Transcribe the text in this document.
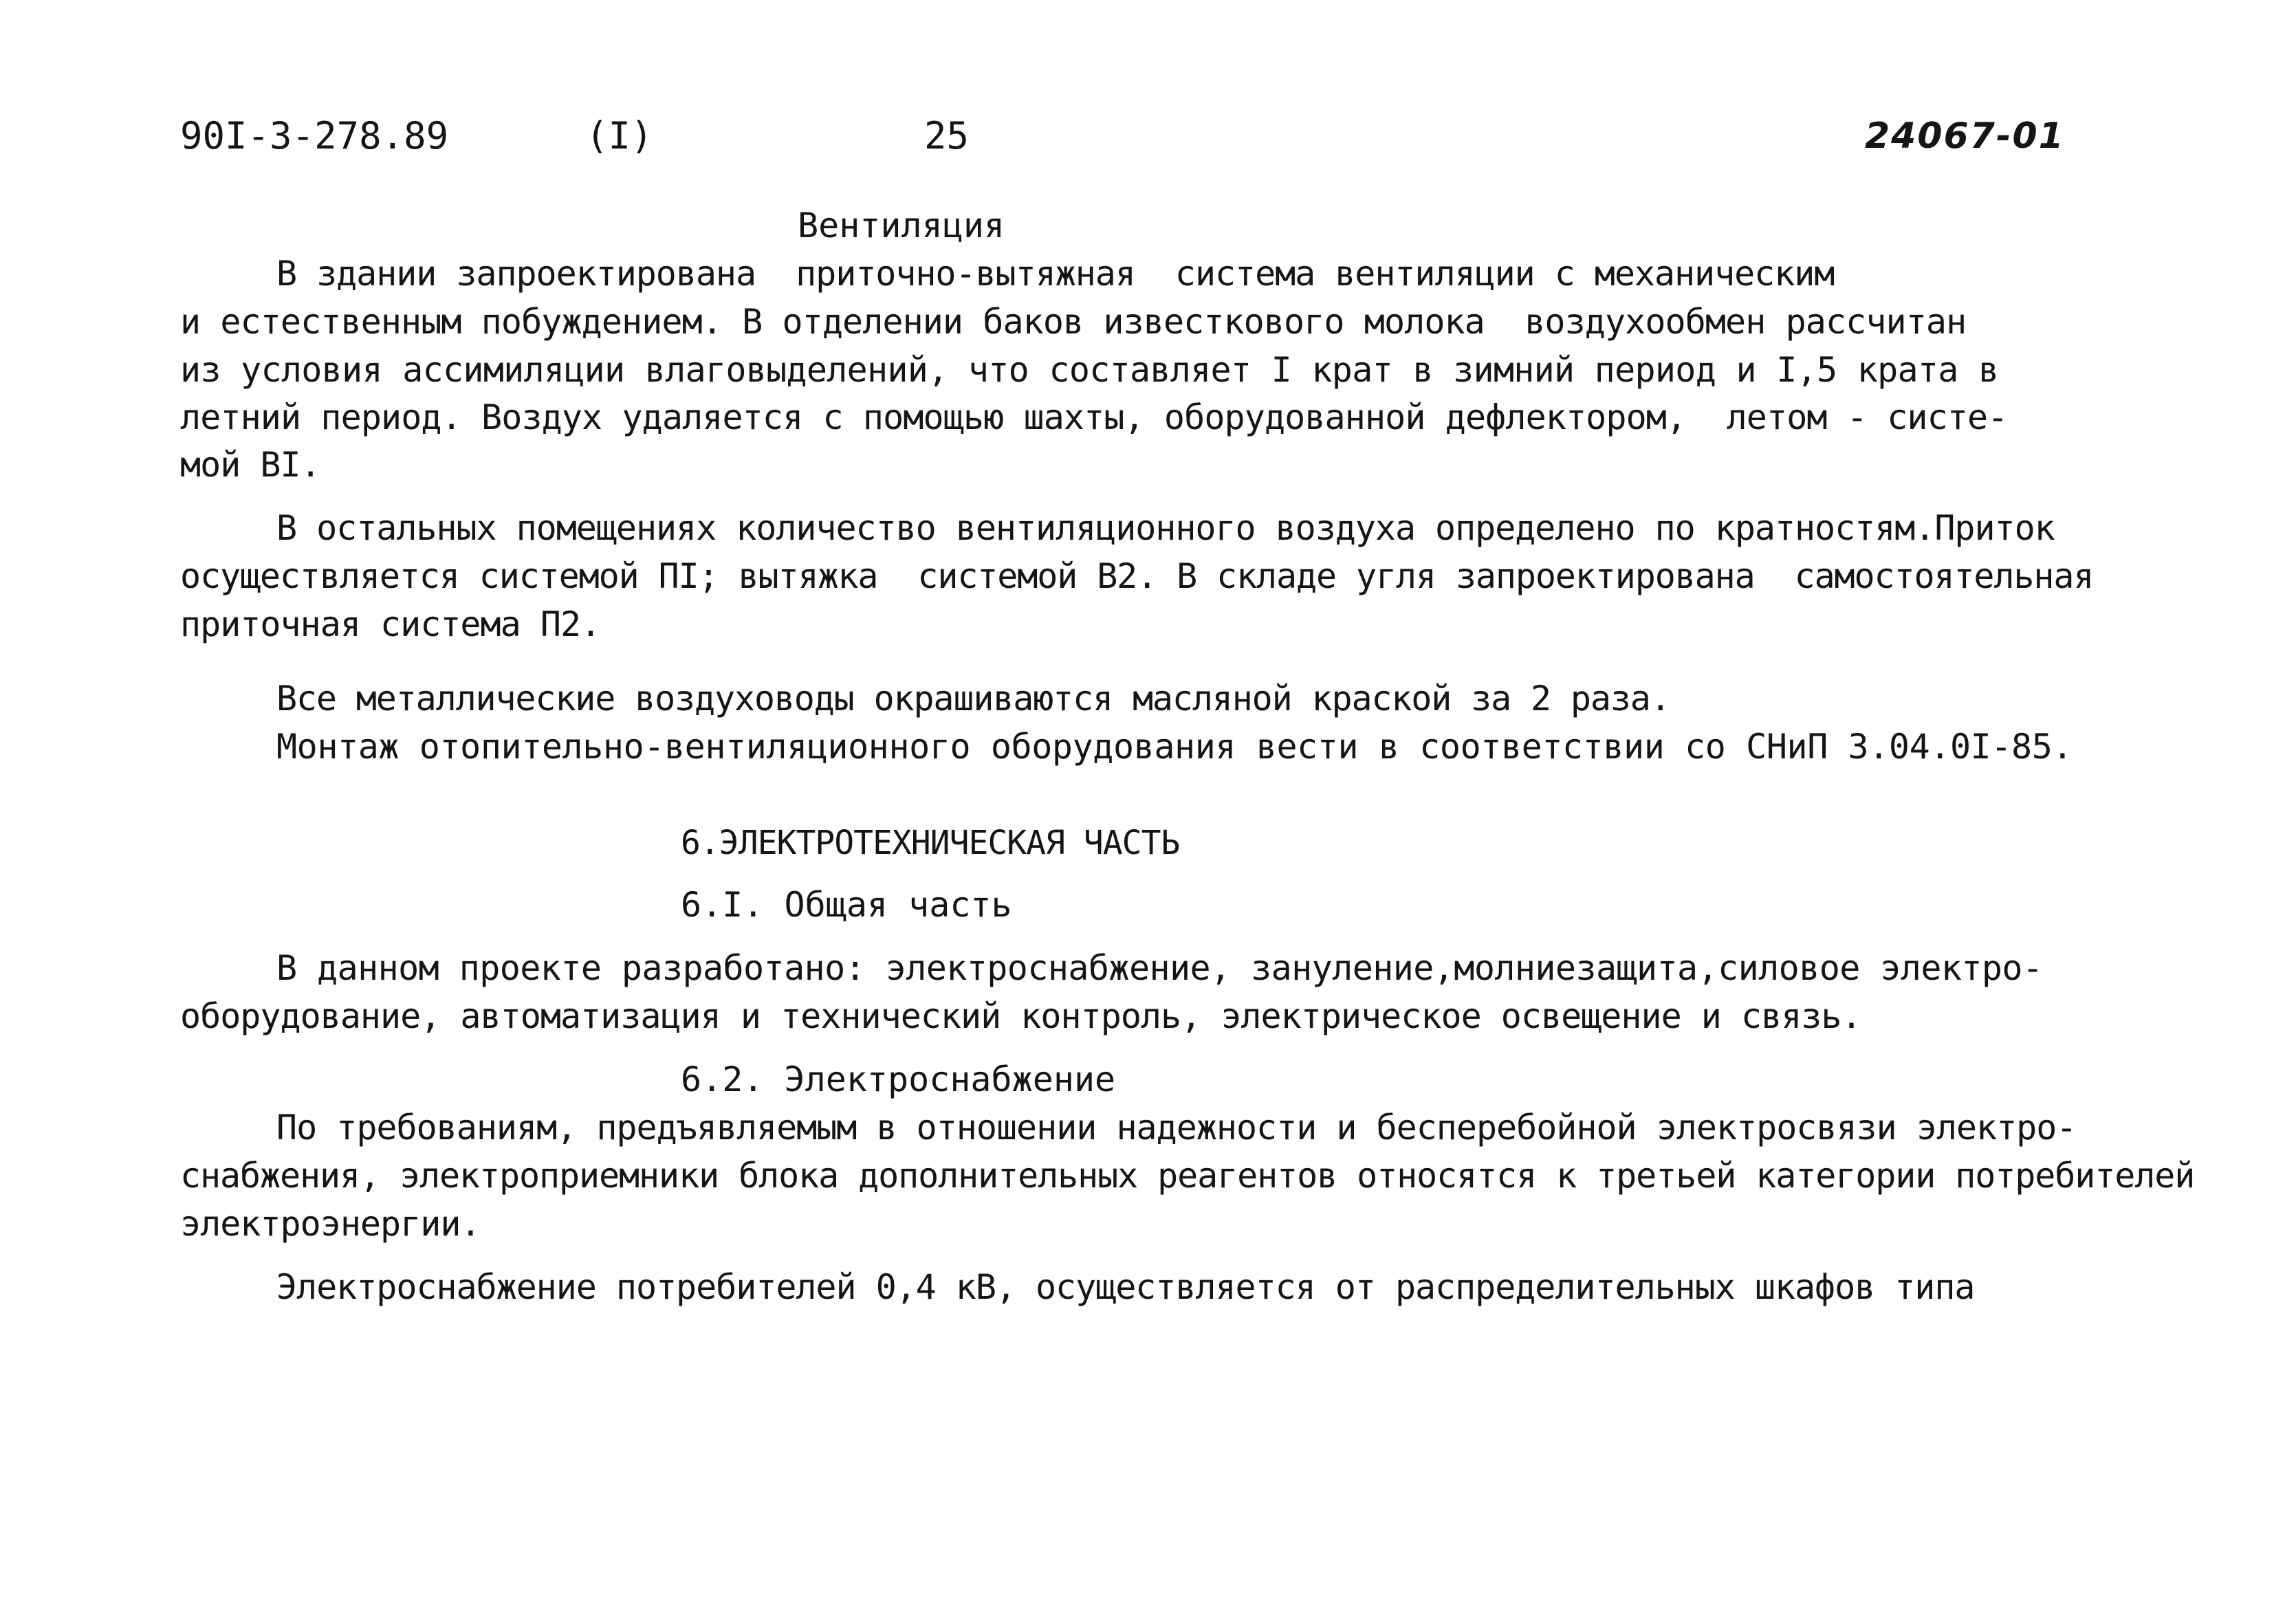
90I-3-278.89	(I)	25	24067-01

Вентиляция

В здании запроектирована  приточно-вытяжная  система вентиляции с механическим

и естественным побуждением. В отделении баков известкового молока  воздухообмен рассчитан

из условия ассимиляции влаговыделений, что составляет I крат в зимний период и I,5 крата в

летний период. Воздух удаляется с помощью шахты, оборудованной дефлектором,  летом - систе-

мой ВI.

В остальных помещениях количество вентиляционного воздуха определено по кратностям.Приток

осуществляется системой ПI; вытяжка  системой В2. В складе угля запроектирована  самостоятельная

приточная система П2.

Все металлические воздуховоды окрашиваются масляной краской за 2 раза.

Монтаж отопительно-вентиляционного оборудования вести в соответствии со СНиП 3.04.0I-85.

6.ЭЛЕКТРОТЕХНИЧЕСКАЯ ЧАСТЬ

6.I. Общая часть

В данном проекте разработано: электроснабжение, зануление,молниезащита,силовое электро-

оборудование, автоматизация и технический контроль, электрическое освещение и связь.

6.2. Электроснабжение

По требованиям, предъявляемым в отношении надежности и бесперебойной электросвязи электро-

снабжения, электроприемники блока дополнительных реагентов относятся к третьей категории потребителей

электроэнергии.

Электроснабжение потребителей 0,4 кВ, осуществляется от распределительных шкафов типа
